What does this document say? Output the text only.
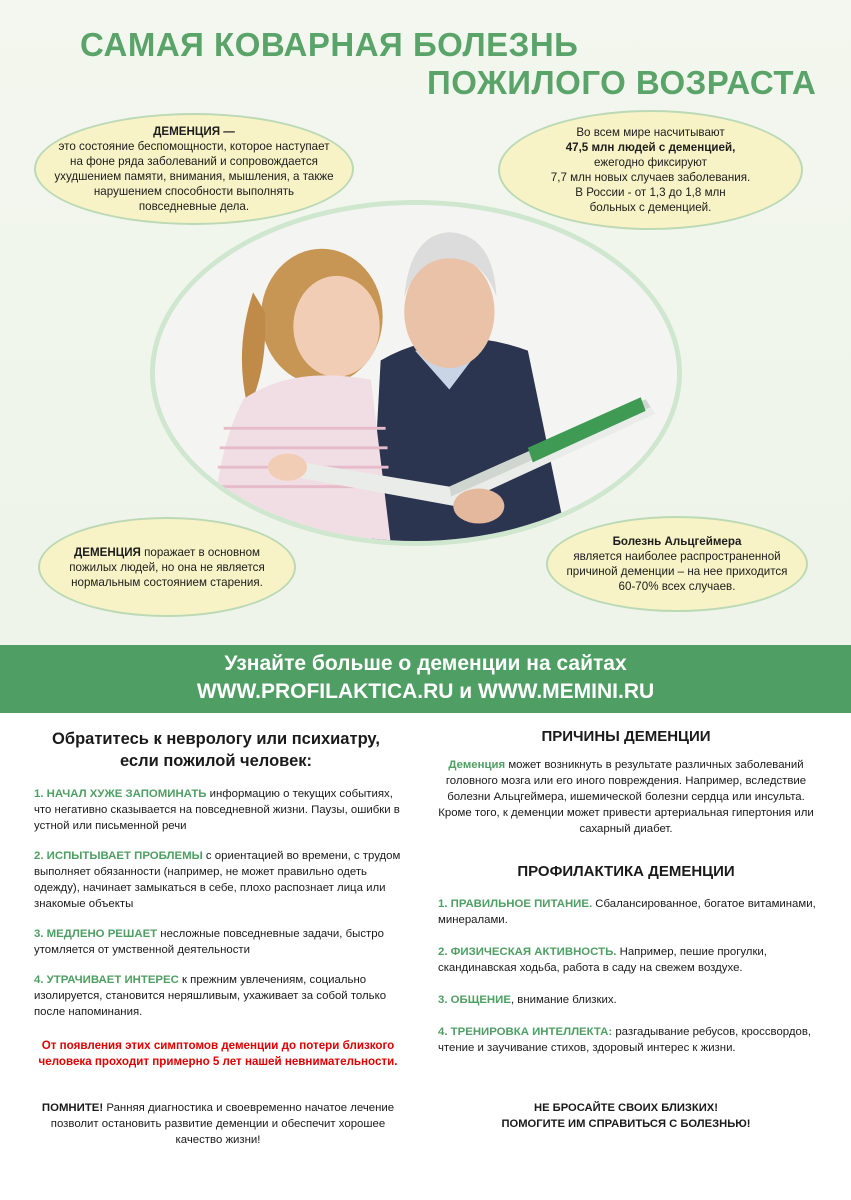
САМАЯ КОВАРНАЯ БОЛЕЗНЬ
ПОЖИЛОГО ВОЗРАСТА
ДЕМЕНЦИЯ —
это состояние беспомощности, которое наступает на фоне ряда заболеваний и сопровождается ухудшением памяти, внимания, мышления, а также нарушением способности выполнять повседневные дела.
Во всем мире насчитывают
47,5 млн людей с деменцией,
ежегодно фиксируют
7,7 млн новых случаев заболевания.
В России - от 1,3 до 1,8 млн
больных с деменцией.
ДЕМЕНЦИЯ поражает в основном пожилых людей, но она не является нормальным состоянием старения.
Болезнь Альцгеймера
является наиболее распространенной причиной деменции – на нее приходится 60-70% всех случаев.
Узнайте больше о деменции на сайтах
WWW.PROFILAKTICA.RU и WWW.MEMINI.RU
Обратитесь к неврологу или психиатру,
если пожилой человек:
1. НАЧАЛ ХУЖЕ ЗАПОМИНАТЬ информацию о текущих событиях, что негативно сказывается на повседневной жизни. Паузы, ошибки в устной или письменной речи
2. ИСПЫТЫВАЕТ ПРОБЛЕМЫ с ориентацией во времени, с трудом выполняет обязанности (например, не может правильно одеть одежду), начинает замыкаться в себе, плохо распознает лица или знакомые объекты
3. МЕДЛЕНО РЕШАЕТ несложные повседневные задачи, быстро утомляется от умственной деятельности
4. УТРАЧИВАЕТ ИНТЕРЕС к прежним увлечениям, социально изолируется, становится неряшливым, ухаживает за собой только после напоминания.
От появления этих симптомов деменции до потери близкого человека проходит примерно 5 лет нашей невнимательности.
ПОМНИТЕ! Ранняя диагностика и своевременно начатое лечение позволит остановить развитие деменции и обеспечит хорошее качество жизни!
ПРИЧИНЫ ДЕМЕНЦИИ
Деменция может возникнуть в результате различных заболеваний головного мозга или его иного повреждения. Например, вследствие болезни Альцгеймера, ишемической болезни сердца или инсульта. Кроме того, к деменции может привести артериальная гипертония или сахарный диабет.
ПРОФИЛАКТИКА ДЕМЕНЦИИ
1. ПРАВИЛЬНОЕ ПИТАНИЕ. Сбалансированное, богатое витаминами, минералами.
2. ФИЗИЧЕСКАЯ АКТИВНОСТЬ. Например, пешие прогулки, скандинавская ходьба, работа в саду на свежем воздухе.
3. ОБЩЕНИЕ, внимание близких.
4. ТРЕНИРОВКА ИНТЕЛЛЕКТА: разгадывание ребусов, кроссвордов, чтение и заучивание стихов, здоровый интерес к жизни.
НЕ БРОСАЙТЕ СВОИХ БЛИЗКИХ!
ПОМОГИТЕ ИМ СПРАВИТЬСЯ С БОЛЕЗНЬЮ!
